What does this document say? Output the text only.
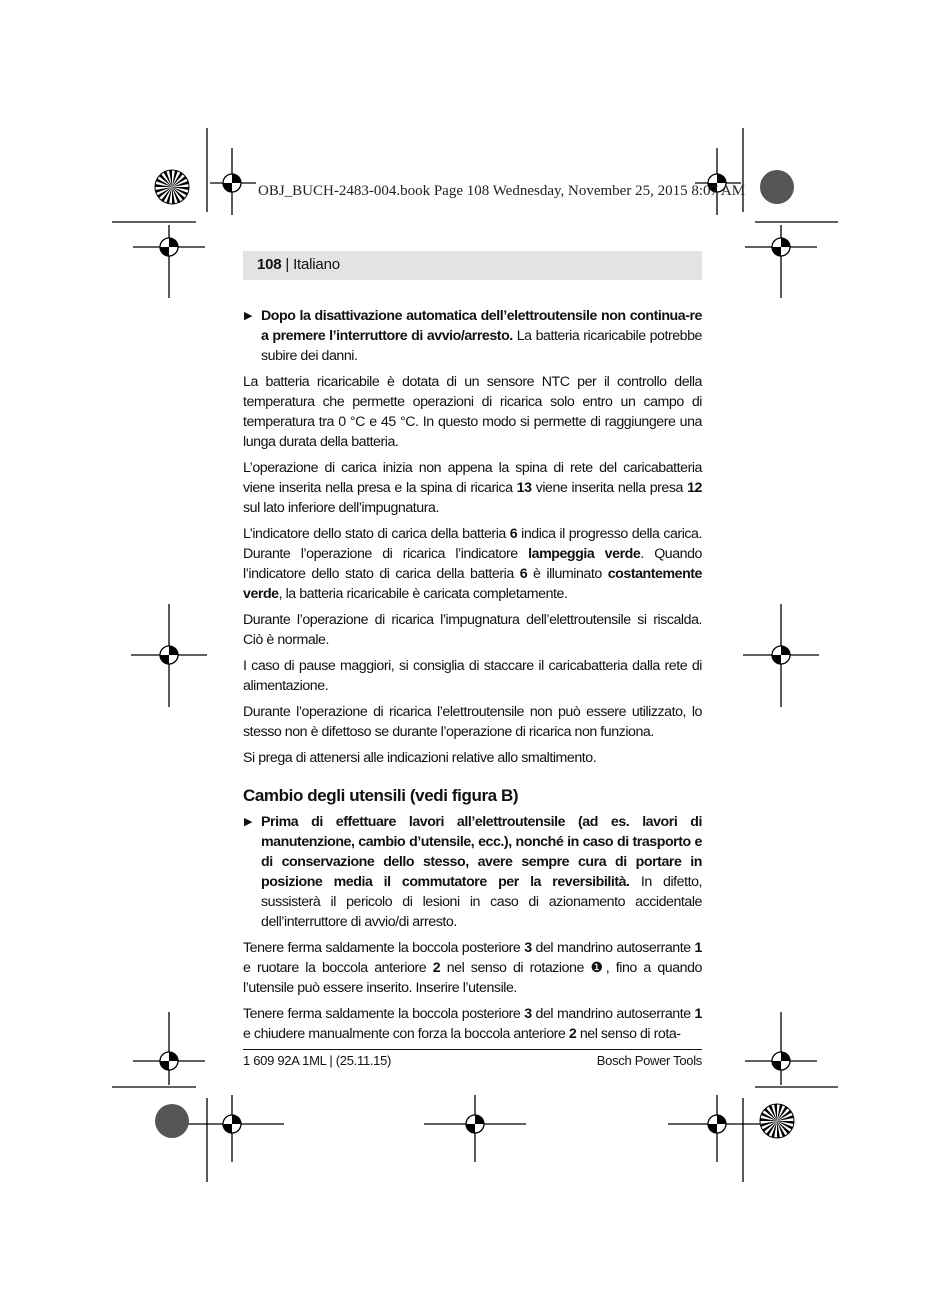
OBJ_BUCH-2483-004.book Page 108 Wednesday, November 25, 2015 8:07 AM
108 | Italiano
▶ Dopo la disattivazione automatica dell’elettroutensile non continua-re a premere l’interruttore di avvio/arresto. La batteria ricaricabile potrebbe subire dei danni.

La batteria ricaricabile è dotata di un sensore NTC per il controllo della temperatura che permette operazioni di ricarica solo entro un campo di temperatura tra 0 °C e 45 °C. In questo modo si permette di raggiungere una lunga durata della batteria.

L’operazione di carica inizia non appena la spina di rete del caricabatteria viene inserita nella presa e la spina di ricarica 13 viene inserita nella presa 12 sul lato inferiore dell’impugnatura.

L’indicatore dello stato di carica della batteria 6 indica il progresso della carica. Durante l’operazione di ricarica l’indicatore lampeggia verde. Quando l’indicatore dello stato di carica della batteria 6 è illuminato costantemente verde, la batteria ricaricabile è caricata completamente.

Durante l’operazione di ricarica l’impugnatura dell’elettroutensile si riscalda. Ciò è normale.

I caso di pause maggiori, si consiglia di staccare il caricabatteria dalla rete di alimentazione.

Durante l’operazione di ricarica l’elettroutensile non può essere utilizzato, lo stesso non è difettoso se durante l’operazione di ricarica non funziona.

Si prega di attenersi alle indicazioni relative allo smaltimento.

Cambio degli utensili (vedi figura B)
▶ Prima di effettuare lavori all’elettroutensile (ad es. lavori di manutenzione, cambio d’utensile, ecc.), nonché in caso di trasporto e di conservazione dello stesso, avere sempre cura di portare in posizione media il commutatore per la reversibilità. In difetto, sussisterà il pericolo di lesioni in caso di azionamento accidentale dell’interruttore di avvio/di arresto.

Tenere ferma saldamente la boccola posteriore 3 del mandrino autoserrante 1 e ruotare la boccola anteriore 2 nel senso di rotazione ❶, fino a quando l’utensile può essere inserito. Inserire l’utensile.

Tenere ferma saldamente la boccola posteriore 3 del mandrino autoserrante 1 e chiudere manualmente con forza la boccola anteriore 2 nel senso di rota-

1 609 92A 1ML | (25.11.15)	Bosch Power Tools
